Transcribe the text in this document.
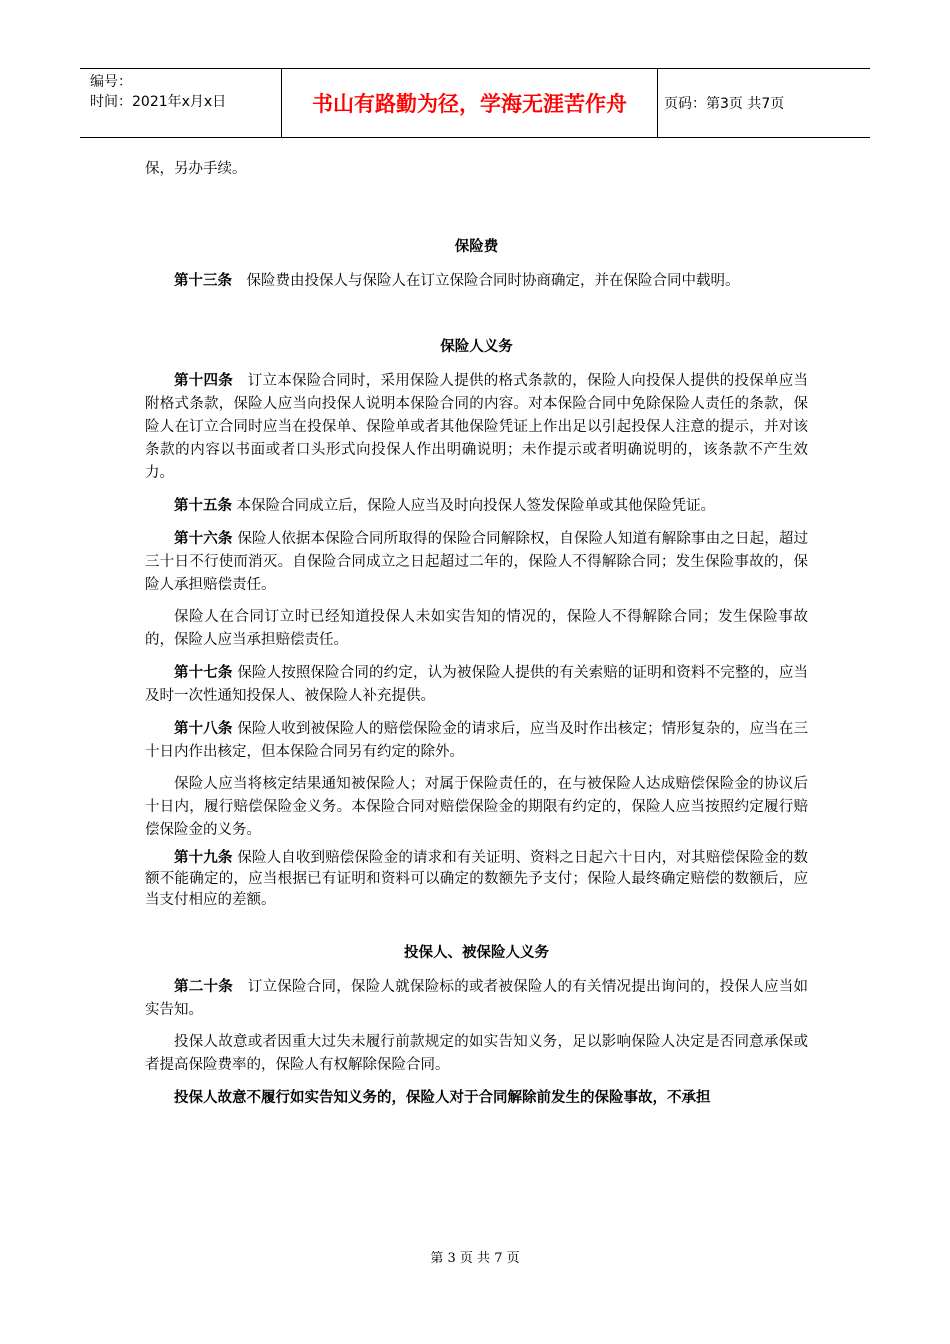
编号：
时间：2021年x月x日	书山有路勤为径，学海无涯苦作舟	页码：第3页 共7页

保，另办手续。

保险费

第十三条　 保险费由投保人与保险人在订立保险合同时协商确定，并在保险合同中载明。

保险人义务

第十四条　 订立本保险合同时，采用保险人提供的格式条款的，保险人向投保人提供的投保单应当附格式条款，保险人应当向投保人说明本保险合同的内容。对本保险合同中免除保险人责任的条款，保险人在订立合同时应当在投保单、保险单或者其他保险凭证上作出足以引起投保人注意的提示，并对该条款的内容以书面或者口头形式向投保人作出明确说明；未作提示或者明确说明的，该条款不产生效力。

第十五条 本保险合同成立后，保险人应当及时向投保人签发保险单或其他保险凭证。

第十六条 保险人依据本保险合同所取得的保险合同解除权，自保险人知道有解除事由之日起，超过三十日不行使而消灭。自保险合同成立之日起超过二年的，保险人不得解除合同；发生保险事故的，保险人承担赔偿责任。

保险人在合同订立时已经知道投保人未如实告知的情况的，保险人不得解除合同；发生保险事故的，保险人应当承担赔偿责任。

第十七条 保险人按照保险合同的约定，认为被保险人提供的有关索赔的证明和资料不完整的，应当及时一次性通知投保人、被保险人补充提供。

第十八条 保险人收到被保险人的赔偿保险金的请求后，应当及时作出核定；情形复杂的，应当在三十日内作出核定，但本保险合同另有约定的除外。

保险人应当将核定结果通知被保险人；对属于保险责任的，在与被保险人达成赔偿保险金的协议后十日内，履行赔偿保险金义务。本保险合同对赔偿保险金的期限有约定的，保险人应当按照约定履行赔偿保险金的义务。

第十九条 保险人自收到赔偿保险金的请求和有关证明、资料之日起六十日内，对其赔偿保险金的数额不能确定的，应当根据已有证明和资料可以确定的数额先予支付；保险人最终确定赔偿的数额后，应当支付相应的差额。

投保人、被保险人义务

第二十条　 订立保险合同，保险人就保险标的或者被保险人的有关情况提出询问的，投保人应当如实告知。

投保人故意或者因重大过失未履行前款规定的如实告知义务，足以影响保险人决定是否同意承保或者提高保险费率的，保险人有权解除保险合同。

投保人故意不履行如实告知义务的，保险人对于合同解除前发生的保险事故，不承担

第 3 页 共 7 页
